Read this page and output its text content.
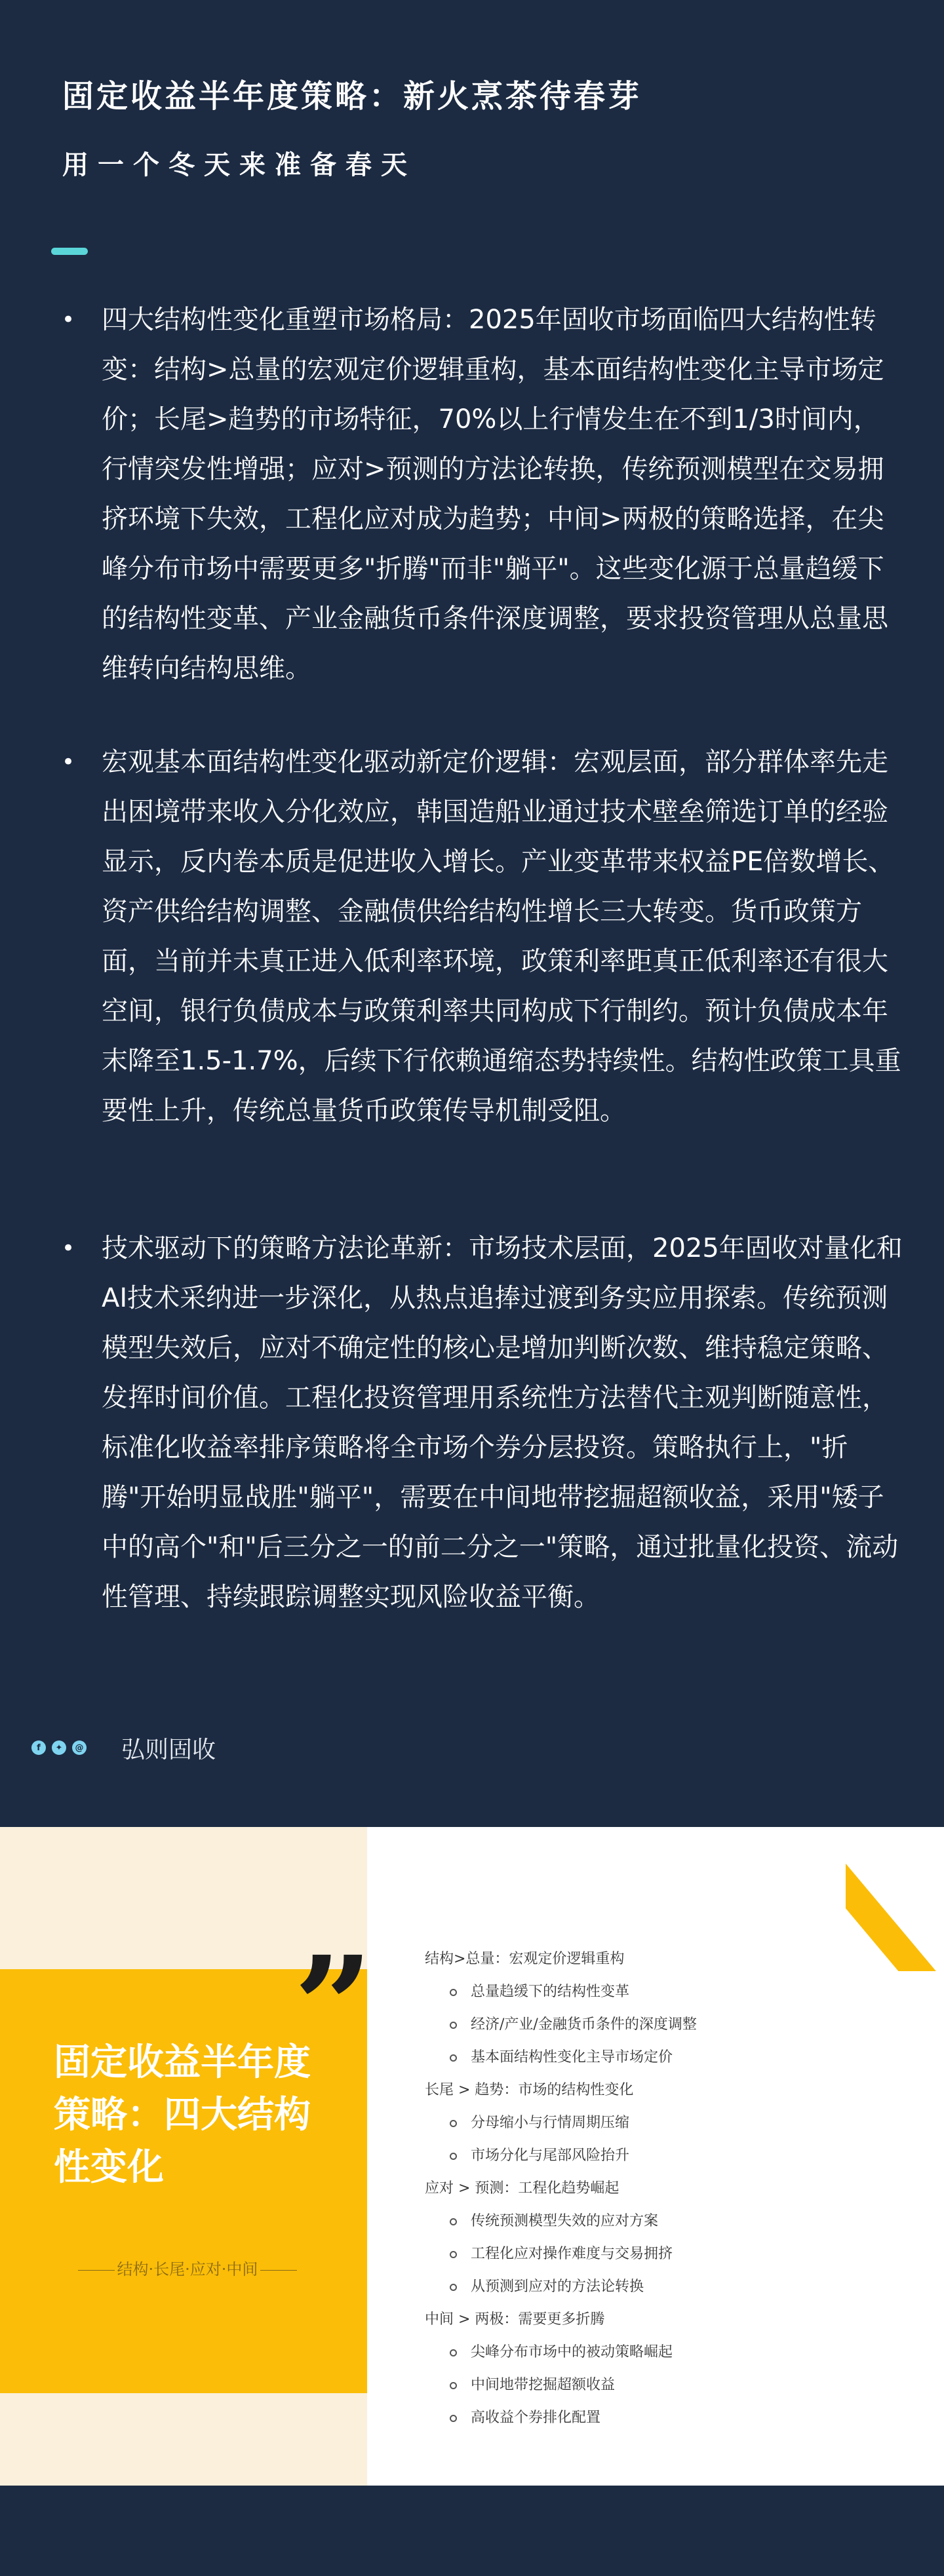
固定收益半年度策略：新火烹茶待春芽
用一个冬天来准备春天
• 四大结构性变化重塑市场格局：2025年固收市场面临四大结构性转变：结构>总量的宏观定价逻辑重构，基本面结构性变化主导市场定价；长尾>趋势的市场特征，70%以上行情发生在不到1/3时间内，行情突发性增强；应对>预测的方法论转换，传统预测模型在交易拥挤环境下失效，工程化应对成为趋势；中间>两极的策略选择，在尖峰分布市场中需要更多"折腾"而非"躺平"。这些变化源于总量趋缓下的结构性变革、产业金融货币条件深度调整，要求投资管理从总量思维转向结构思维。
• 宏观基本面结构性变化驱动新定价逻辑：宏观层面，部分群体率先走出困境带来收入分化效应，韩国造船业通过技术壁垒筛选订单的经验显示，反内卷本质是促进收入增长。产业变革带来权益PE倍数增长、资产供给结构调整、金融债供给结构性增长三大转变。货币政策方面，当前并未真正进入低利率环境，政策利率距真正低利率还有很大空间，银行负债成本与政策利率共同构成下行制约。预计负债成本年末降至1.5-1.7%，后续下行依赖通缩态势持续性。结构性政策工具重要性上升，传统总量货币政策传导机制受阻。
• 技术驱动下的策略方法论革新：市场技术层面，2025年固收对量化和AI技术采纳进一步深化，从热点追捧过渡到务实应用探索。传统预测模型失效后，应对不确定性的核心是增加判断次数、维持稳定策略、发挥时间价值。工程化投资管理用系统性方法替代主观判断随意性，标准化收益率排序策略将全市场个券分层投资。策略执行上，"折腾"开始明显战胜"躺平"，需要在中间地带挖掘超额收益，采用"矮子中的高个"和"后三分之一的前二分之一"策略，通过批量化投资、流动性管理、持续跟踪调整实现风险收益平衡。
f	✦	@ 弘则固收
固定收益半年度策略：四大结构性变化
结构·长尾·应对·中间
”	结构>总量：宏观定价逻辑重构
总量趋缓下的结构性变革
经济/产业/金融货币条件的深度调整
基本面结构性变化主导市场定价
长尾 > 趋势：市场的结构性变化
分母缩小与行情周期压缩
市场分化与尾部风险抬升
应对 > 预测：工程化趋势崛起
传统预测模型失效的应对方案
工程化应对操作难度与交易拥挤
从预测到应对的方法论转换
中间 > 两极：需要更多折腾
尖峰分布市场中的被动策略崛起
中间地带挖掘超额收益
高收益个券排化配置
